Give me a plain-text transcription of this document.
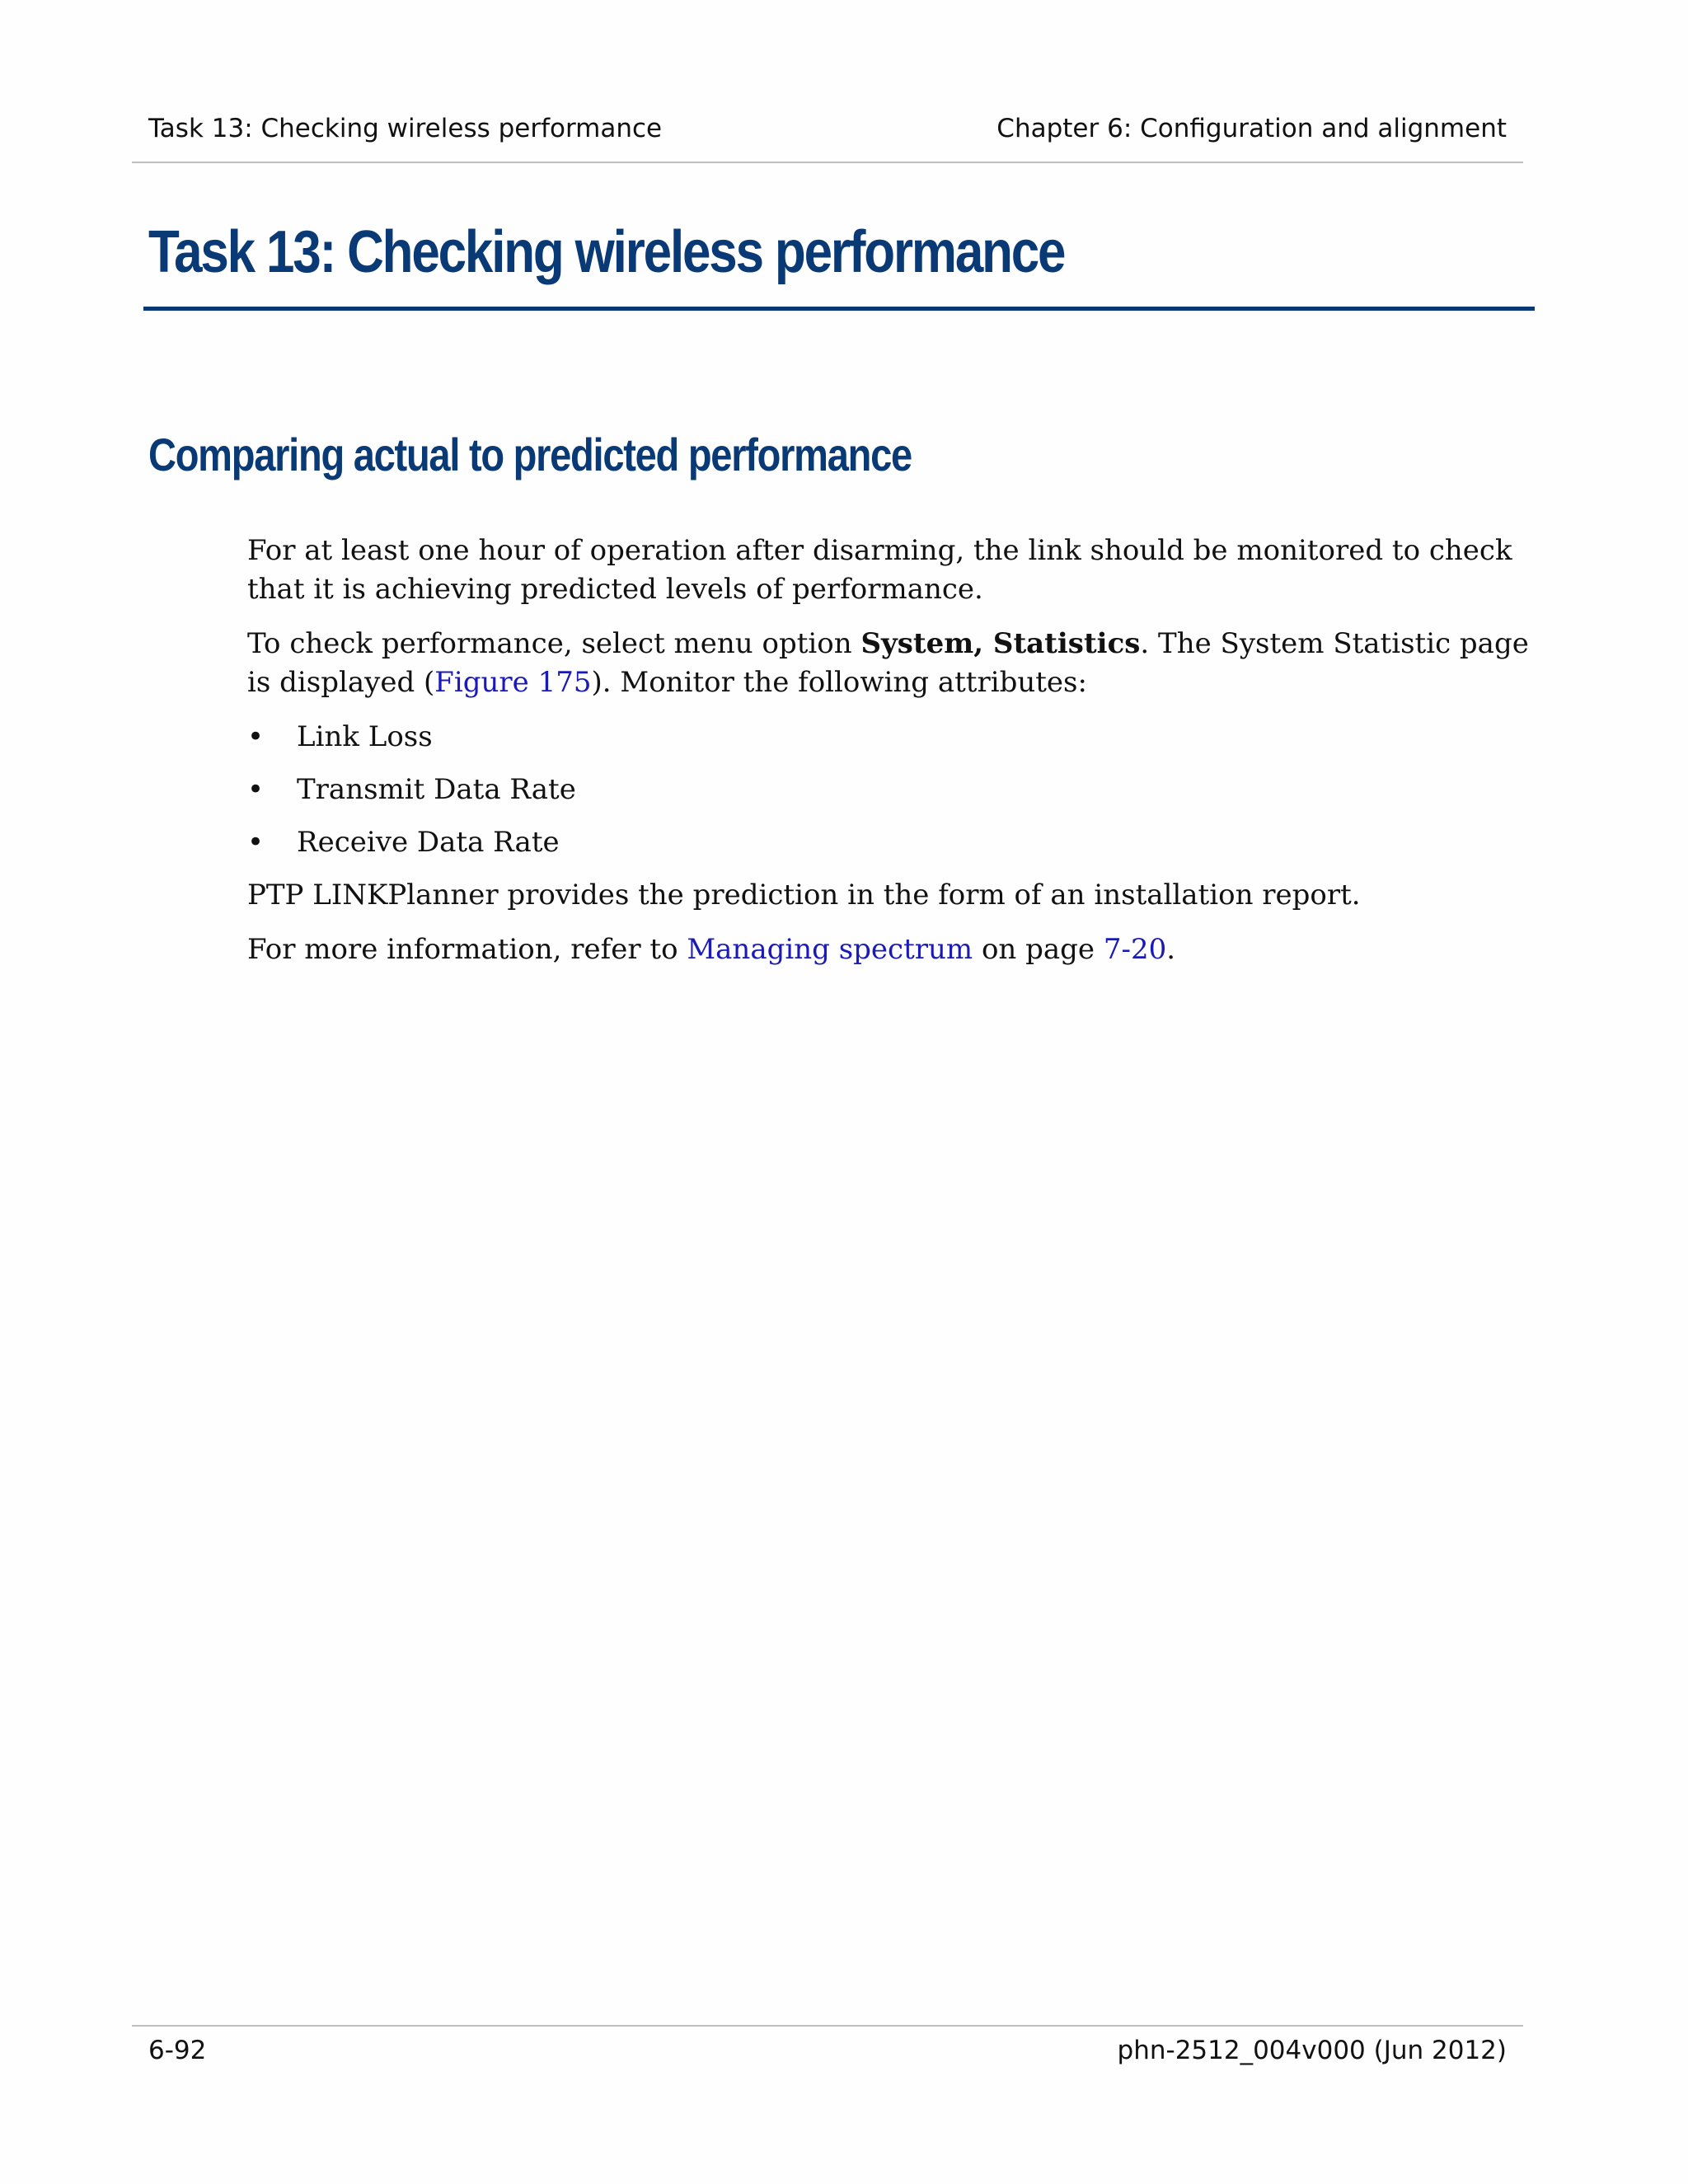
Task 13: Checking wireless performance	Chapter 6: Configuration and alignment
Task 13: Checking wireless performance
Comparing actual to predicted performance

For at least one hour of operation after disarming, the link should be monitored to check that it is achieving predicted levels of performance.

To check performance, select menu option System, Statistics. The System Statistic page is displayed (Figure 175). Monitor the following attributes:

• Link Loss
• Transmit Data Rate
• Receive Data Rate

PTP LINKPlanner provides the prediction in the form of an installation report.

For more information, refer to Managing spectrum on page 7-20.

6-92	phn-2512_004v000 (Jun 2012)
